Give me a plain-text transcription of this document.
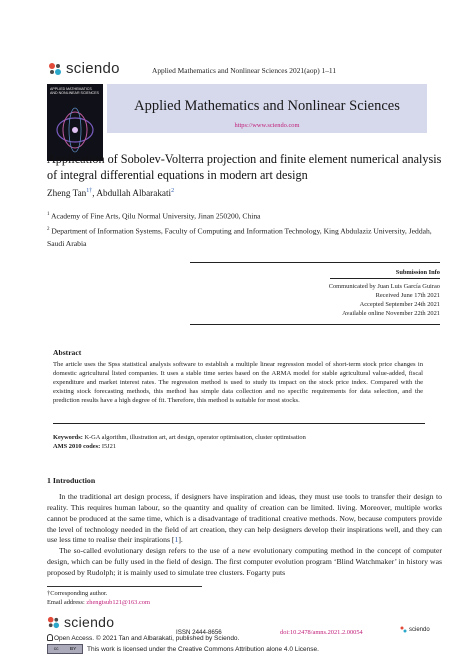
sciendo	Applied Mathematics and Nonlinear Sciences 2021(aop) 1–11
APPLIED MATHEMATICS AND NONLINEAR SCIENCES
Applied Mathematics and Nonlinear Sciences
https://www.sciendo.com
Application of Sobolev-Volterra projection and finite element numerical analysis of integral differential equations in modern art design
Zheng Tan$^{1\dagger}$, Abdullah Albarakati$^2$
$^1$ Academy of Fine Arts, Qilu Normal University, Jinan 250200, China
$^2$ Department of Information Systems, Faculty of Computing and Information Technology, King Abdulaziz University, Jeddah, Saudi Arabia
Submission Info
Communicated by Juan Luis García Guirao
Received June 17th 2021
Accepted September 24th 2021
Available online November 22th 2021
Abstract
The article uses the Spss statistical analysis software to establish a multiple linear regression model of short-term stock price changes in domestic agricultural listed companies. It uses a stable time series based on the ARMA model for stable agricultural value-added, fiscal expenditure and market interest rates. The regression method is used to study its impact on the stock price index. Compared with the existing stock forecasting methods, this method has simple data collection and no specific requirements for data selection, and the prediction results have a high degree of fit. Therefore, this method is suitable for most stocks.
Keywords: K-GA algorithm, illustration art, art design, operator optimisation, cluster optimisation
AMS 2010 codes: I5J21
1 Introduction

In the traditional art design process, if designers have inspiration and ideas, they must use tools to transfer their design to reality. This requires human labour, so the quantity and quality of creation can be limited. living. Moreover, multiple works cannot be produced at the same time, which is a disadvantage of traditional creative methods. Now, because computers provide the level of technology needed in the field of art creation, they can help designers develop their inspirations well, and they can use less time to realise their inspirations [1].

The so-called evolutionary design refers to the use of a new evolutionary computing method in the concept of computer design, which can be fully used in the field of design. The first computer evolution program ‘Blind Watchmaker’ in history was proposed by Rudolph; it is mainly used to simulate tree clusters. Fogarty puts

†Corresponding author.
Email address: zhengtsub121@163.com
sciendo
ISSN 2444-8656	doi:10.2478/amns.2021.2.00054	sciendo
Open Access. © 2021 Tan and Albarakati, published by Sciendo.
cc BY This work is licensed under the Creative Commons Attribution alone 4.0 License.
